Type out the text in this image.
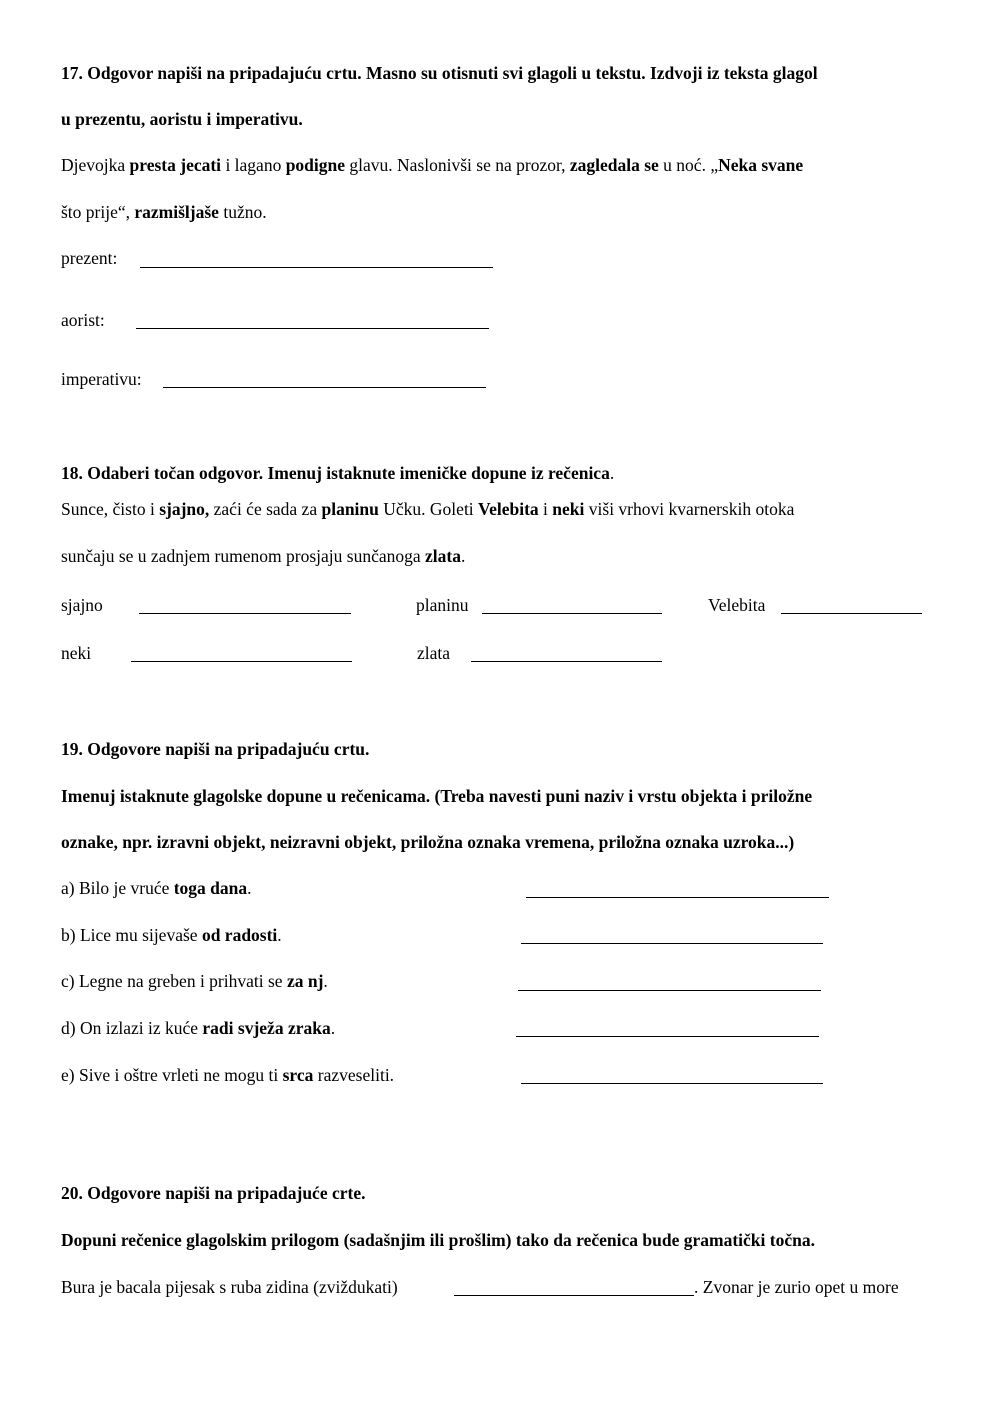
17. Odgovor napiši na pripadajuću crtu. Masno su otisnuti svi glagoli u tekstu. Izdvoji iz teksta glagol
u prezentu, aoristu i imperativu.
Djevojka presta jecati i lagano podigne glavu. Naslonivši se na prozor, zagledala se u noć. „Neka svane
što prije“, razmišljaše tužno.
prezent:
aorist:
imperativu:
18. Odaberi točan odgovor. Imenuj istaknute imeničke dopune iz rečenica.
Sunce, čisto i sjajno, zaći će sada za planinu Učku. Goleti Velebita i neki viši vrhovi kvarnerskih otoka
sunčaju se u zadnjem rumenom prosjaju sunčanoga zlata.
sjajno	planinu	Velebita
neki	zlata
19. Odgovore napiši na pripadajuću crtu.
Imenuj istaknute glagolske dopune u rečenicama. (Treba navesti puni naziv i vrstu objekta i priložne
oznake, npr. izravni objekt, neizravni objekt, priložna oznaka vremena, priložna oznaka uzroka...)
a) Bilo je vruće toga dana.
b) Lice mu sijevaše od radosti.
c) Legne na greben i prihvati se za nj.
d) On izlazi iz kuće radi svježa zraka.
e) Sive i oštre vrleti ne mogu ti srca razveseliti.
20. Odgovore napiši na pripadajuće crte.
Dopuni rečenice glagolskim prilogom (sadašnjim ili prošlim) tako da rečenica bude gramatički točna.
Bura je bacala pijesak s ruba zidina (zviždukati)	. Zvonar je zurio opet u more
